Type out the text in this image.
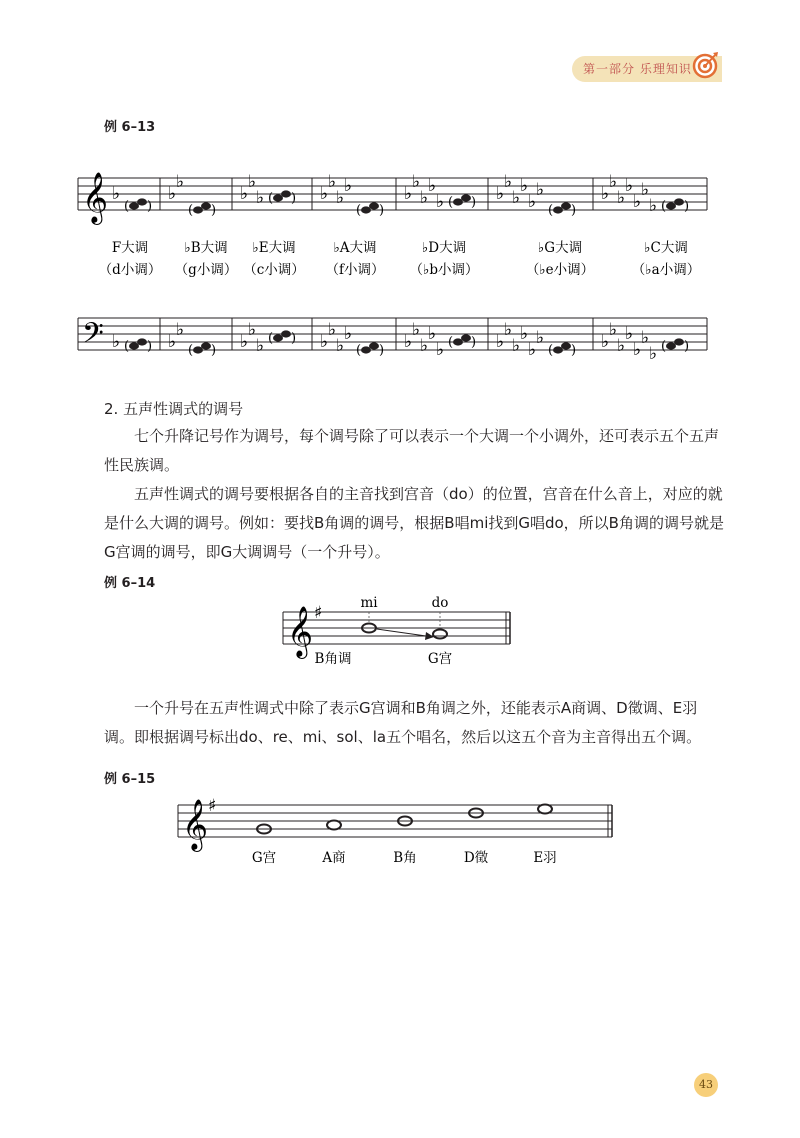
第一部分 乐理知识
例 6–13
𝄞 ♭
( )
♭
♭
( )
♭
♭
♭ ( ) ♭
♭
♭
♭
( )
♭
♭
♭
♭
♭ ( ) ♭
♭
♭
♭
♭
♭
( )
♭
♭
♭
♭
♭
♭
♭ ( )
𝄢 ♭ ( ) ♭
♭
( ) ♭
♭
♭ ( ) ♭
♭
♭
♭
( ) ♭
♭
♭
♭
♭ ( ) ♭
♭
♭
♭
♭
♭
( ) ♭
♭
♭
♭
♭
♭
♭ ( )
F大调
（d小调）
♭B大调
（g小调）
♭E大调
（c小调）
♭A大调
（f小调）
♭D大调
（♭b小调）
♭G大调
（♭e小调）
♭C大调
（♭a小调）
2. 五声性调式的调号
七个升降记号作为调号，每个调号除了可以表示一个大调一个小调外，还可表示五个五声性民族调。
五声性调式的调号要根据各自的主音找到宫音（do）的位置，宫音在什么音上，对应的就是什么大调的调号。例如：要找B角调的调号，根据B唱mi找到G唱do，所以B角调的调号就是G宫调的调号，即G大调调号（一个升号）。
例 6–14
𝄞 ♯	mi	do
B角调	G宫
一个升号在五声性调式中除了表示G宫调和B角调之外，还能表示A商调、D徵调、E羽调。即根据调号标出do、re、mi、sol、la五个唱名，然后以这五个音为主音得出五个调。
例 6–15
𝄞 ♯
G宫	A商	B角	D徵	E羽
43
